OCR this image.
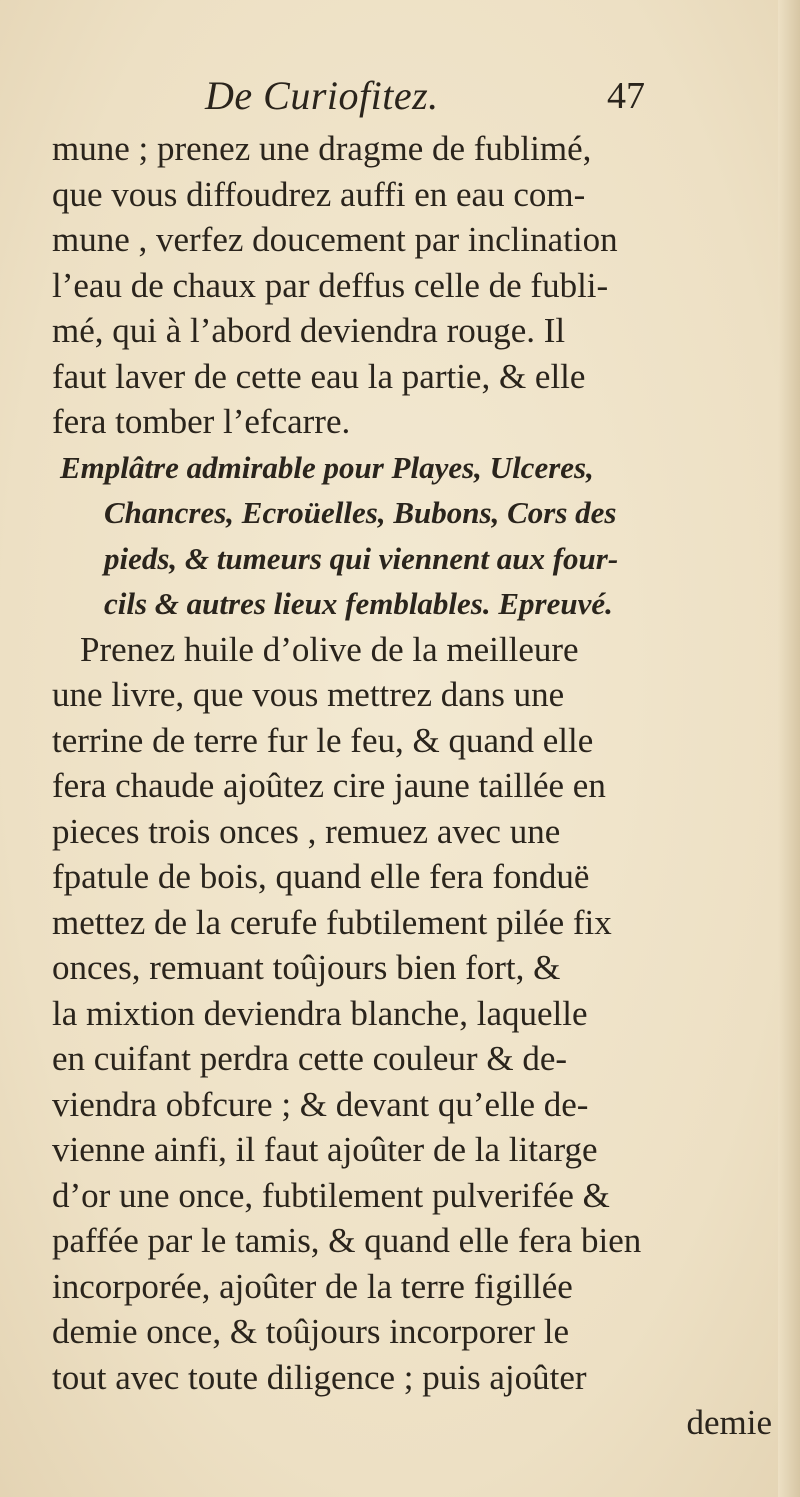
De Curiofitez.	47
mune ; prenez une dragme de fublimé,
que vous diffoudrez auffi en eau com-
mune , verfez doucement par inclination
l’eau de chaux par deffus celle de fubli-
mé, qui à l’abord deviendra rouge. Il
faut laver de cette eau la partie, & elle
fera tomber l’efcarre.
Emplâtre admirable pour Playes, Ulceres,
Chancres, Ecroüelles, Bubons, Cors des
pieds, & tumeurs qui viennent aux four-
cils & autres lieux femblables. Epreuvé.
Prenez huile d’olive de la meilleure
une livre, que vous mettrez dans une
terrine de terre fur le feu, & quand elle
fera chaude ajoûtez cire jaune taillée en
pieces trois onces , remuez avec une
fpatule de bois, quand elle fera fonduë
mettez de la cerufe fubtilement pilée fix
onces, remuant toûjours bien fort, &
la mixtion deviendra blanche, laquelle
en cuifant perdra cette couleur & de-
viendra obfcure ; & devant qu’elle de-
vienne ainfi, il faut ajoûter de la litarge
d’or une once, fubtilement pulverifée &
paffée par le tamis, & quand elle fera bien
incorporée, ajoûter de la terre figillée
demie once, & toûjours incorporer le
tout avec toute diligence ; puis ajoûter
demie
